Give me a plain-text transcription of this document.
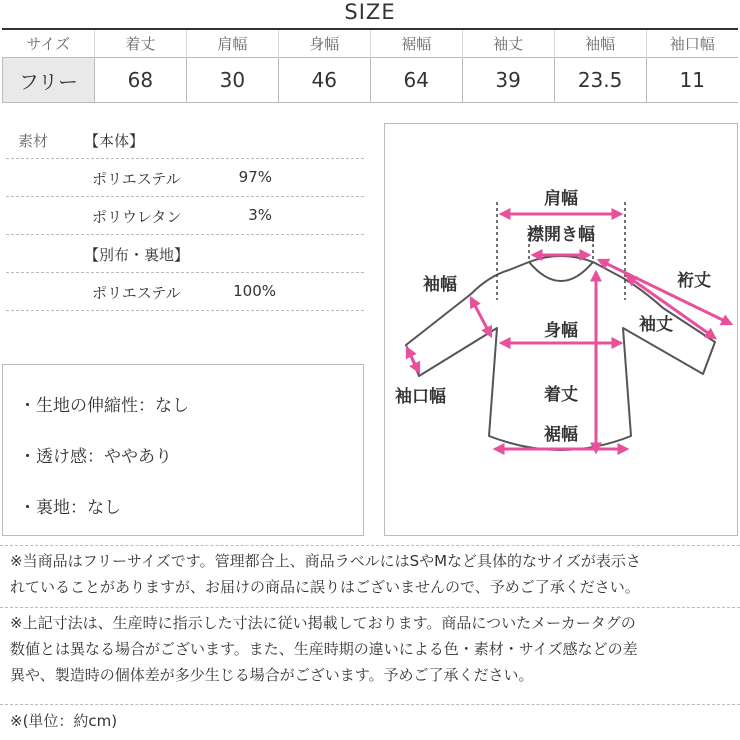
SIZE
サイズ	着丈	肩幅	身幅	裾幅	袖丈	袖幅	袖口幅
フリー	68	30	46	64	39	23.5	11
素材 【本体】
ポリエステル	97%
ポリウレタン	3%
【別布・裏地】
ポリエステル	100%
・生地の伸縮性：なし
・透け感：ややあり
・裏地：なし
肩幅
襟開き幅
袖幅	裄丈
袖丈
身幅
袖口幅	着丈
裾幅
※当商品はフリーサイズです。管理都合上、商品ラベルにはSやMなど具体的なサイズが表示さ
れていることがありますが、お届けの商品に誤りはございませんので、予めご了承ください。
※上記寸法は、生産時に指示した寸法に従い掲載しております。商品についたメーカータグの
数値とは異なる場合がございます。また、生産時期の違いによる色・素材・サイズ感などの差
異や、製造時の個体差が多少生じる場合がございます。予めご了承ください。
※(単位：約cm)
